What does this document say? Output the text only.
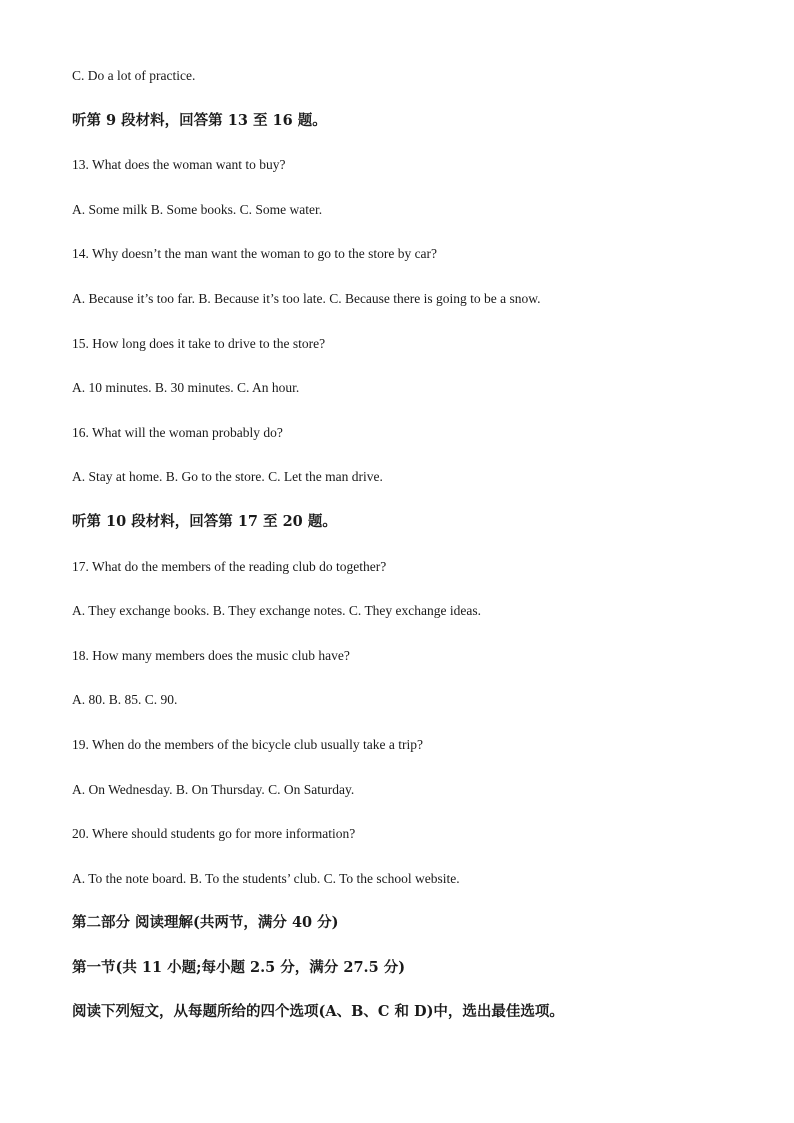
C. Do a lot of practice.
听第 9 段材料，回答第 13 至 16 题。
13. What does the woman want to buy?
A. Some milk B. Some books. C. Some water.
14. Why doesn’t the man want the woman to go to the store by car?
A. Because it’s too far. B. Because it’s too late. C. Because there is going to be a snow.
15. How long does it take to drive to the store?
A. 10 minutes. B. 30 minutes. C. An hour.
16. What will the woman probably do?
A. Stay at home. B. Go to the store. C. Let the man drive.
听第 10 段材料，回答第 17 至 20 题。
17. What do the members of the reading club do together?
A. They exchange books. B. They exchange notes. C. They exchange ideas.
18. How many members does the music club have?
A. 80. B. 85. C. 90.
19. When do the members of the bicycle club usually take a trip?
A. On Wednesday. B. On Thursday. C. On Saturday.
20. Where should students go for more information?
A. To the note board. B. To the students’ club. C. To the school website.
第二部分 阅读理解(共两节，满分 40 分)
第一节(共 11 小题;每小题 2.5 分，满分 27.5 分)
阅读下列短文，从每题所给的四个选项(A、B、C 和 D)中，选出最佳选项。
